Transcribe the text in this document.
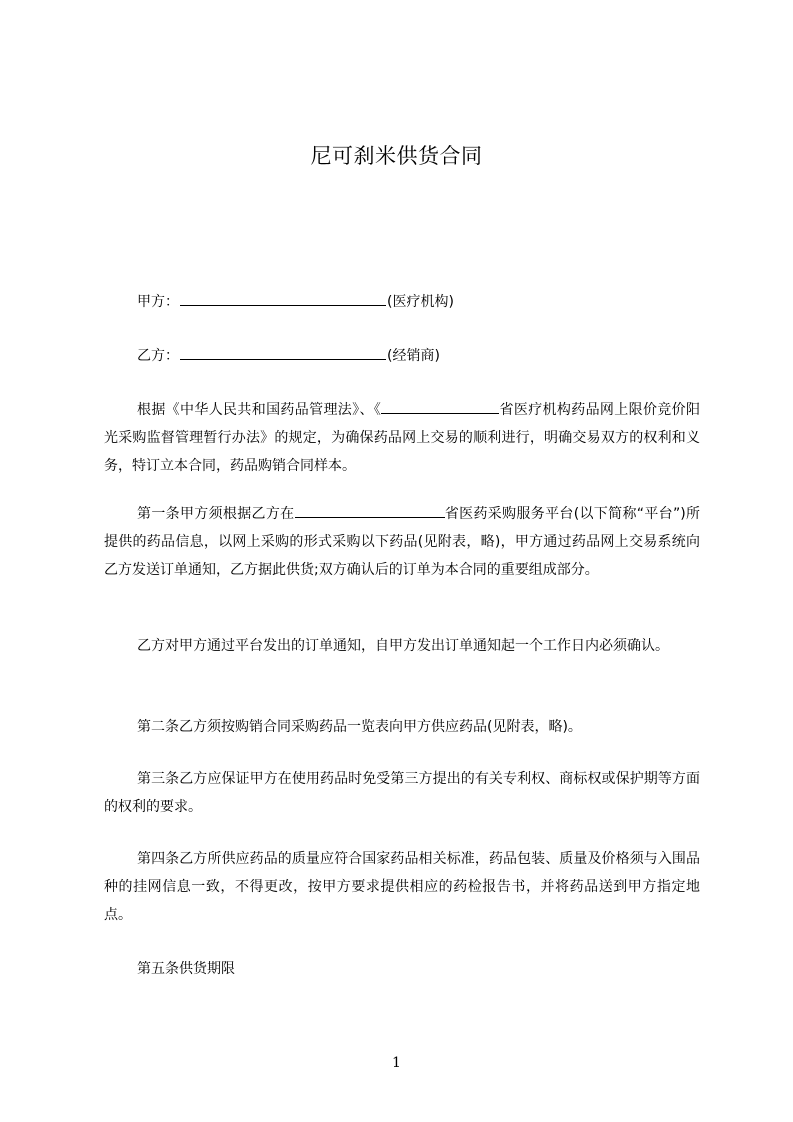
尼可刹米供货合同
甲方：	(医疗机构)
乙方：	(经销商)
根据《中华人民共和国药品管理法》、《	省医疗机构药品网上限价竞价阳光采购监督管理暂行办法》的规定，为确保药品网上交易的顺利进行，明确交易双方的权利和义务，特订立本合同，药品购销合同样本。
第一条甲方须根据乙方在	省医药采购服务平台(以下简称“平台”)所提供的药品信息，以网上采购的形式采购以下药品(见附表，略)，甲方通过药品网上交易系统向乙方发送订单通知，乙方据此供货;双方确认后的订单为本合同的重要组成部分。
乙方对甲方通过平台发出的订单通知，自甲方发出订单通知起一个工作日内必须确认。
第二条乙方须按购销合同采购药品一览表向甲方供应药品(见附表，略)。
第三条乙方应保证甲方在使用药品时免受第三方提出的有关专利权、商标权或保护期等方面的权利的要求。
第四条乙方所供应药品的质量应符合国家药品相关标准，药品包装、质量及价格须与入围品种的挂网信息一致，不得更改，按甲方要求提供相应的药检报告书，并将药品送到甲方指定地点。
第五条供货期限
1
